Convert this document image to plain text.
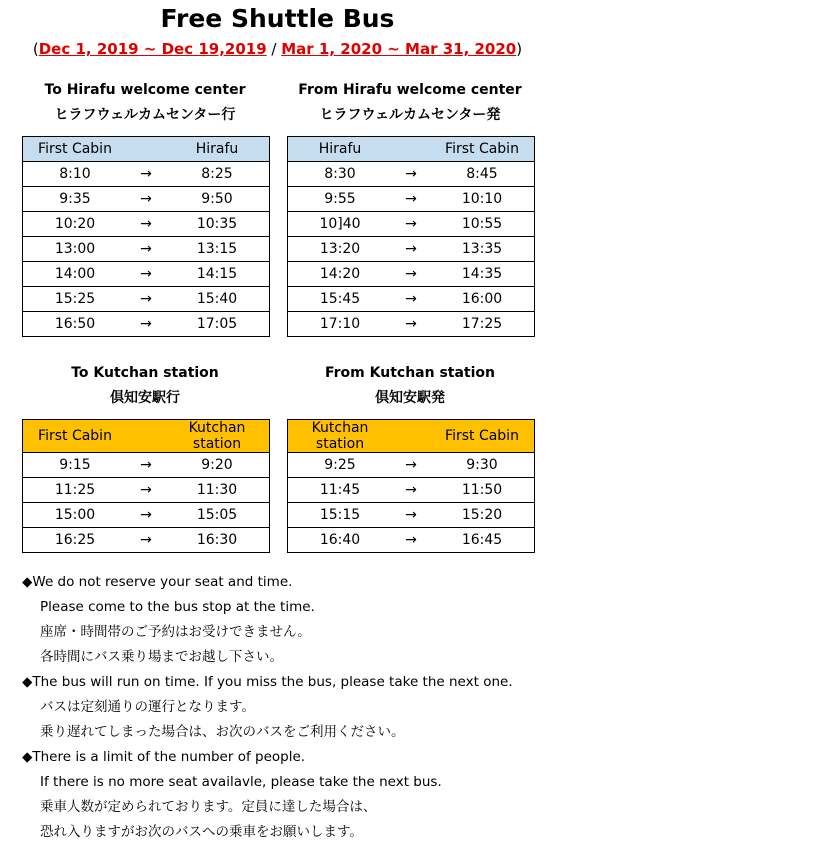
Free Shuttle Bus
(Dec 1, 2019 ~ Dec 19,2019 / Mar 1, 2020 ~ Mar 31, 2020)
To Hirafu welcome center
ヒラフウェルカムセンター行
First Cabin		Hirafu
8:10	→	8:25
9:35	→	9:50
10:20	→	10:35
13:00	→	13:15
14:00	→	14:15
15:25	→	15:40
16:50	→	17:05
From Hirafu welcome center
ヒラフウェルカムセンター発
Hirafu		First Cabin
8:30	→	8:45
9:55	→	10:10
10]40	→	10:55
13:20	→	13:35
14:20	→	14:35
15:45	→	16:00
17:10	→	17:25
To Kutchan station
倶知安駅行
First Cabin		Kutchan station
9:15	→	9:20
11:25	→	11:30
15:00	→	15:05
16:25	→	16:30
From Kutchan station
倶知安駅発
Kutchan station		First Cabin
9:25	→	9:30
11:45	→	11:50
15:15	→	15:20
16:40	→	16:45
◆We do not reserve your seat and time.
Please come to the bus stop at the time.
座席・時間帯のご予約はお受けできません。
各時間にバス乗り場までお越し下さい。
◆The bus will run on time. If you miss the bus, please take the next one.
バスは定刻通りの運行となります。
乗り遅れてしまった場合は、お次のバスをご利用ください。
◆There is a limit of the number of people.
If there is no more seat availavle, please take the next bus.
乗車人数が定められております。定員に達した場合は、
恐れ入りますがお次のバスへの乗車をお願いします。
